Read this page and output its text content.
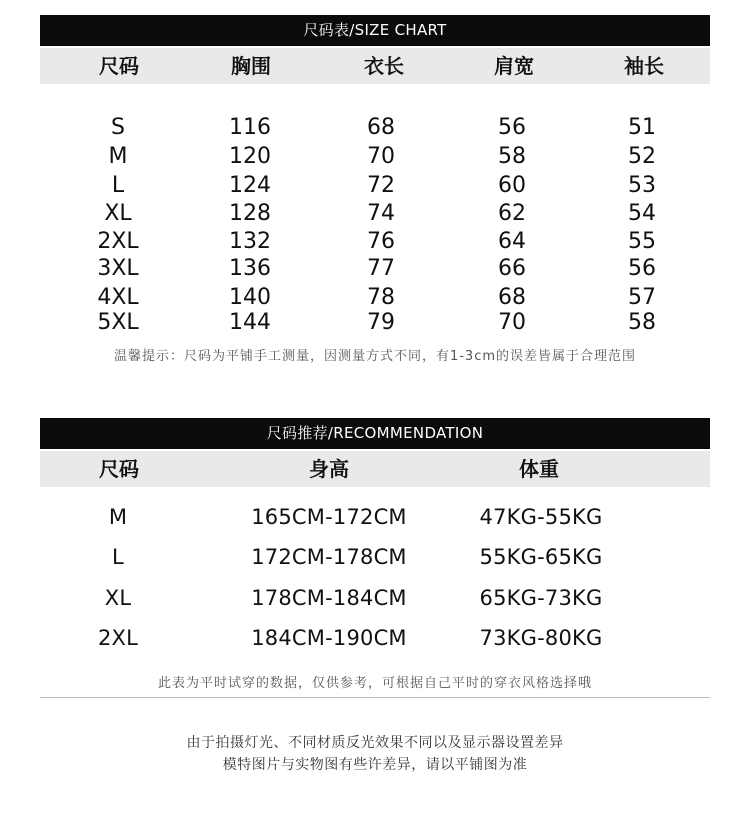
尺码表/SIZE CHART
尺码	胸围	衣长	肩宽	袖长
S	116	68	56	51
M	120	70	58	52
L	124	72	60	53
XL	128	74	62	54
2XL	132	76	64	55
3XL	136	77	66	56
4XL	140	78	68	57
5XL	144	79	70	58
温馨提示：尺码为平铺手工测量，因测量方式不同，有1-3cm的误差皆属于合理范围
尺码推荐/RECOMMENDATION
尺码	身高	体重
M	165CM-172CM	47KG-55KG
L	172CM-178CM	55KG-65KG
XL	178CM-184CM	65KG-73KG
2XL	184CM-190CM	73KG-80KG
此表为平时试穿的数据，仅供参考，可根据自己平时的穿衣风格选择哦
由于拍摄灯光、不同材质反光效果不同以及显示器设置差异
模特图片与实物图有些许差异，请以平铺图为准
